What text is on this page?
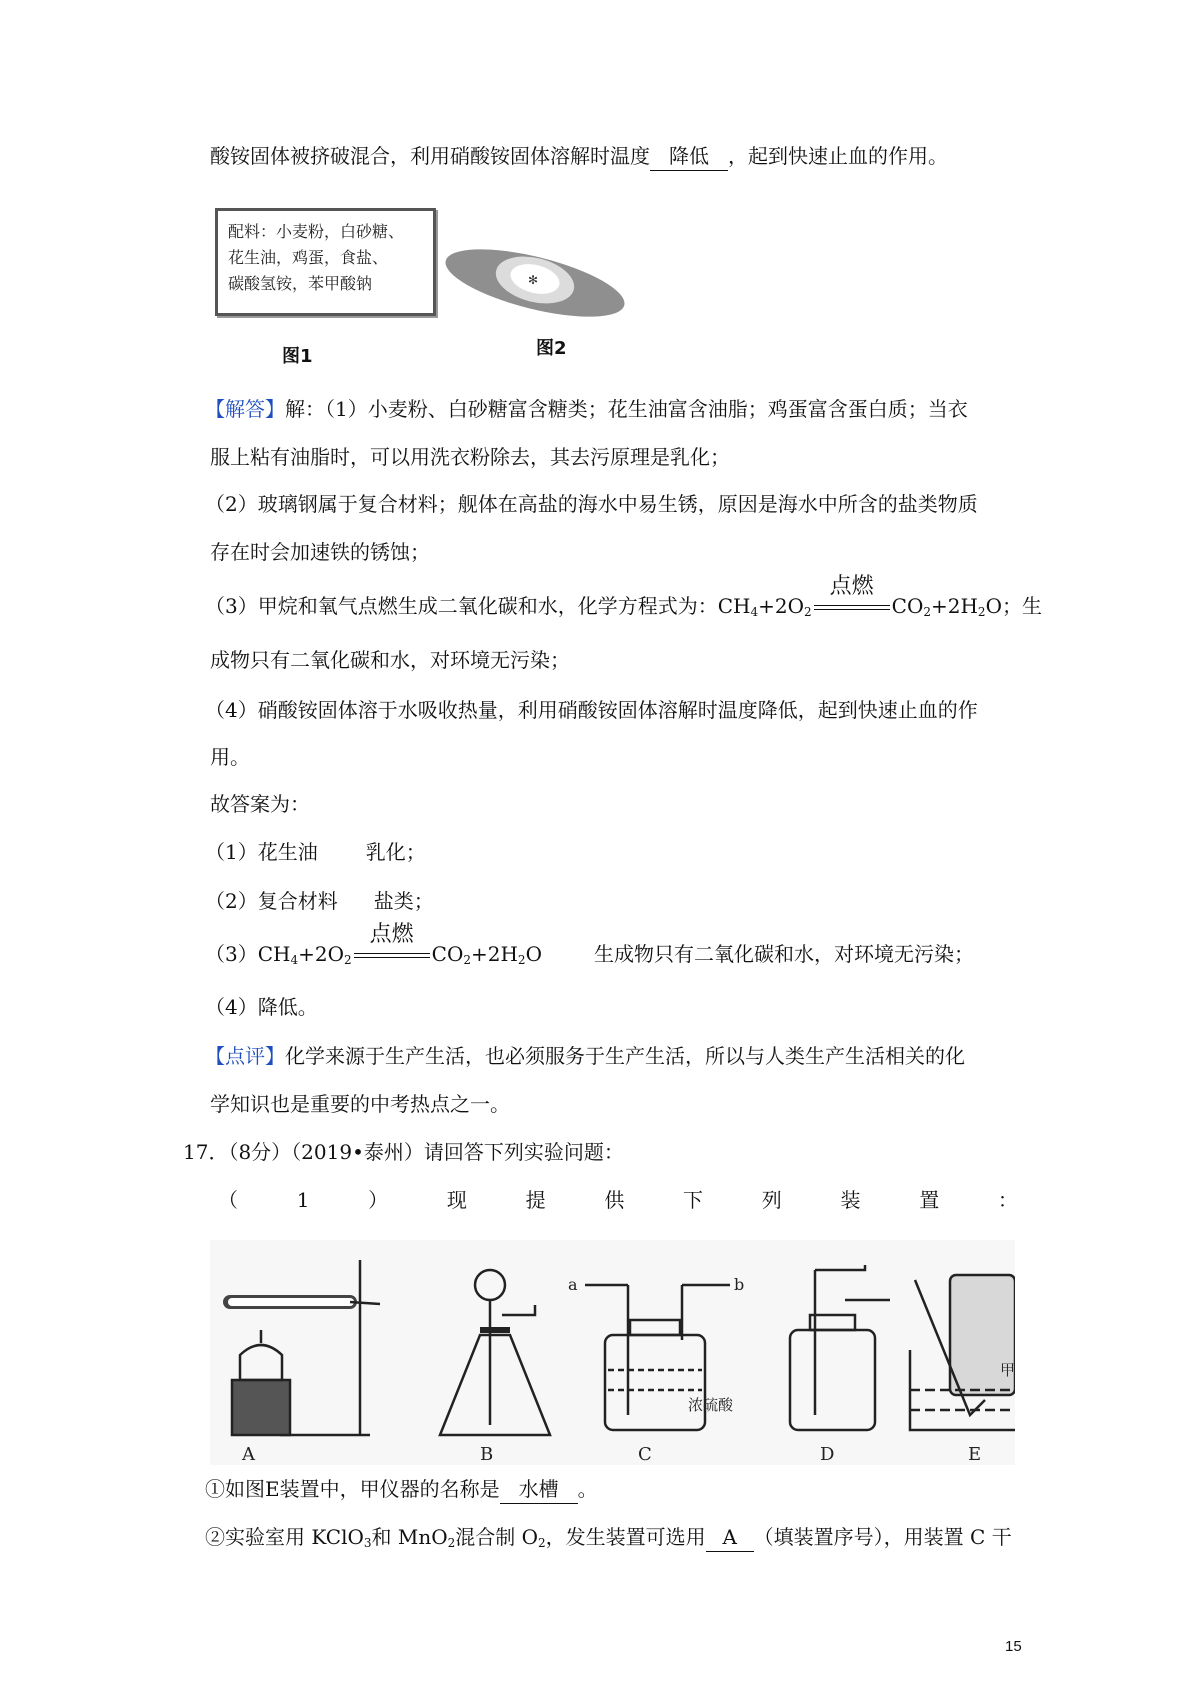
酸铵固体被挤破混合，利用硝酸铵固体溶解时温度 降低 ，起到快速止血的作用。
配料：小麦粉，白砂糖、
花生油，鸡蛋，食盐、
碳酸氢铵，苯甲酸钠
图1
✻
图2
【解答】解：（1）小麦粉、白砂糖富含糖类；花生油富含油脂；鸡蛋富含蛋白质；当衣
服上粘有油脂时，可以用洗衣粉除去，其去污原理是乳化；
（2）玻璃钢属于复合材料；舰体在高盐的海水中易生锈，原因是海水中所含的盐类物质
存在时会加速铁的锈蚀；
（3）甲烷和氧气点燃生成二氧化碳和水，化学方程式为：$CH_4+2O_2$
点燃
$CO_2+2H_2O$；生
成物只有二氧化碳和水，对环境无污染；
（4）硝酸铵固体溶于水吸收热量，利用硝酸铵固体溶解时温度降低，起到快速止血的作
用。
故答案为：
（1）花生油 乳化；
（2）复合材料 盐类；
$(3)CH_4+2O_2$
点燃
$CO_2+2H_2O$	生成物只有二氧化碳和水，对环境无污染；
（4）降低。
【点评】化学来源于生产生活，也必须服务于生产生活，所以与人类生产生活相关的化
学知识也是重要的中考热点之一。
17．（8分）（2019•泰州）请回答下列实验问题：
（	1	）	现	提	供	下	列	装	置	：
A	B
a	b
浓硫酸
C	D
甲
E
①如图E装置中，甲仪器的名称是 水槽 。
②实验室用 KClO$_3$和 MnO$_2$混合制 $O_2$，发生装置可选用 A （填装置序号），用装置 C 干
15
